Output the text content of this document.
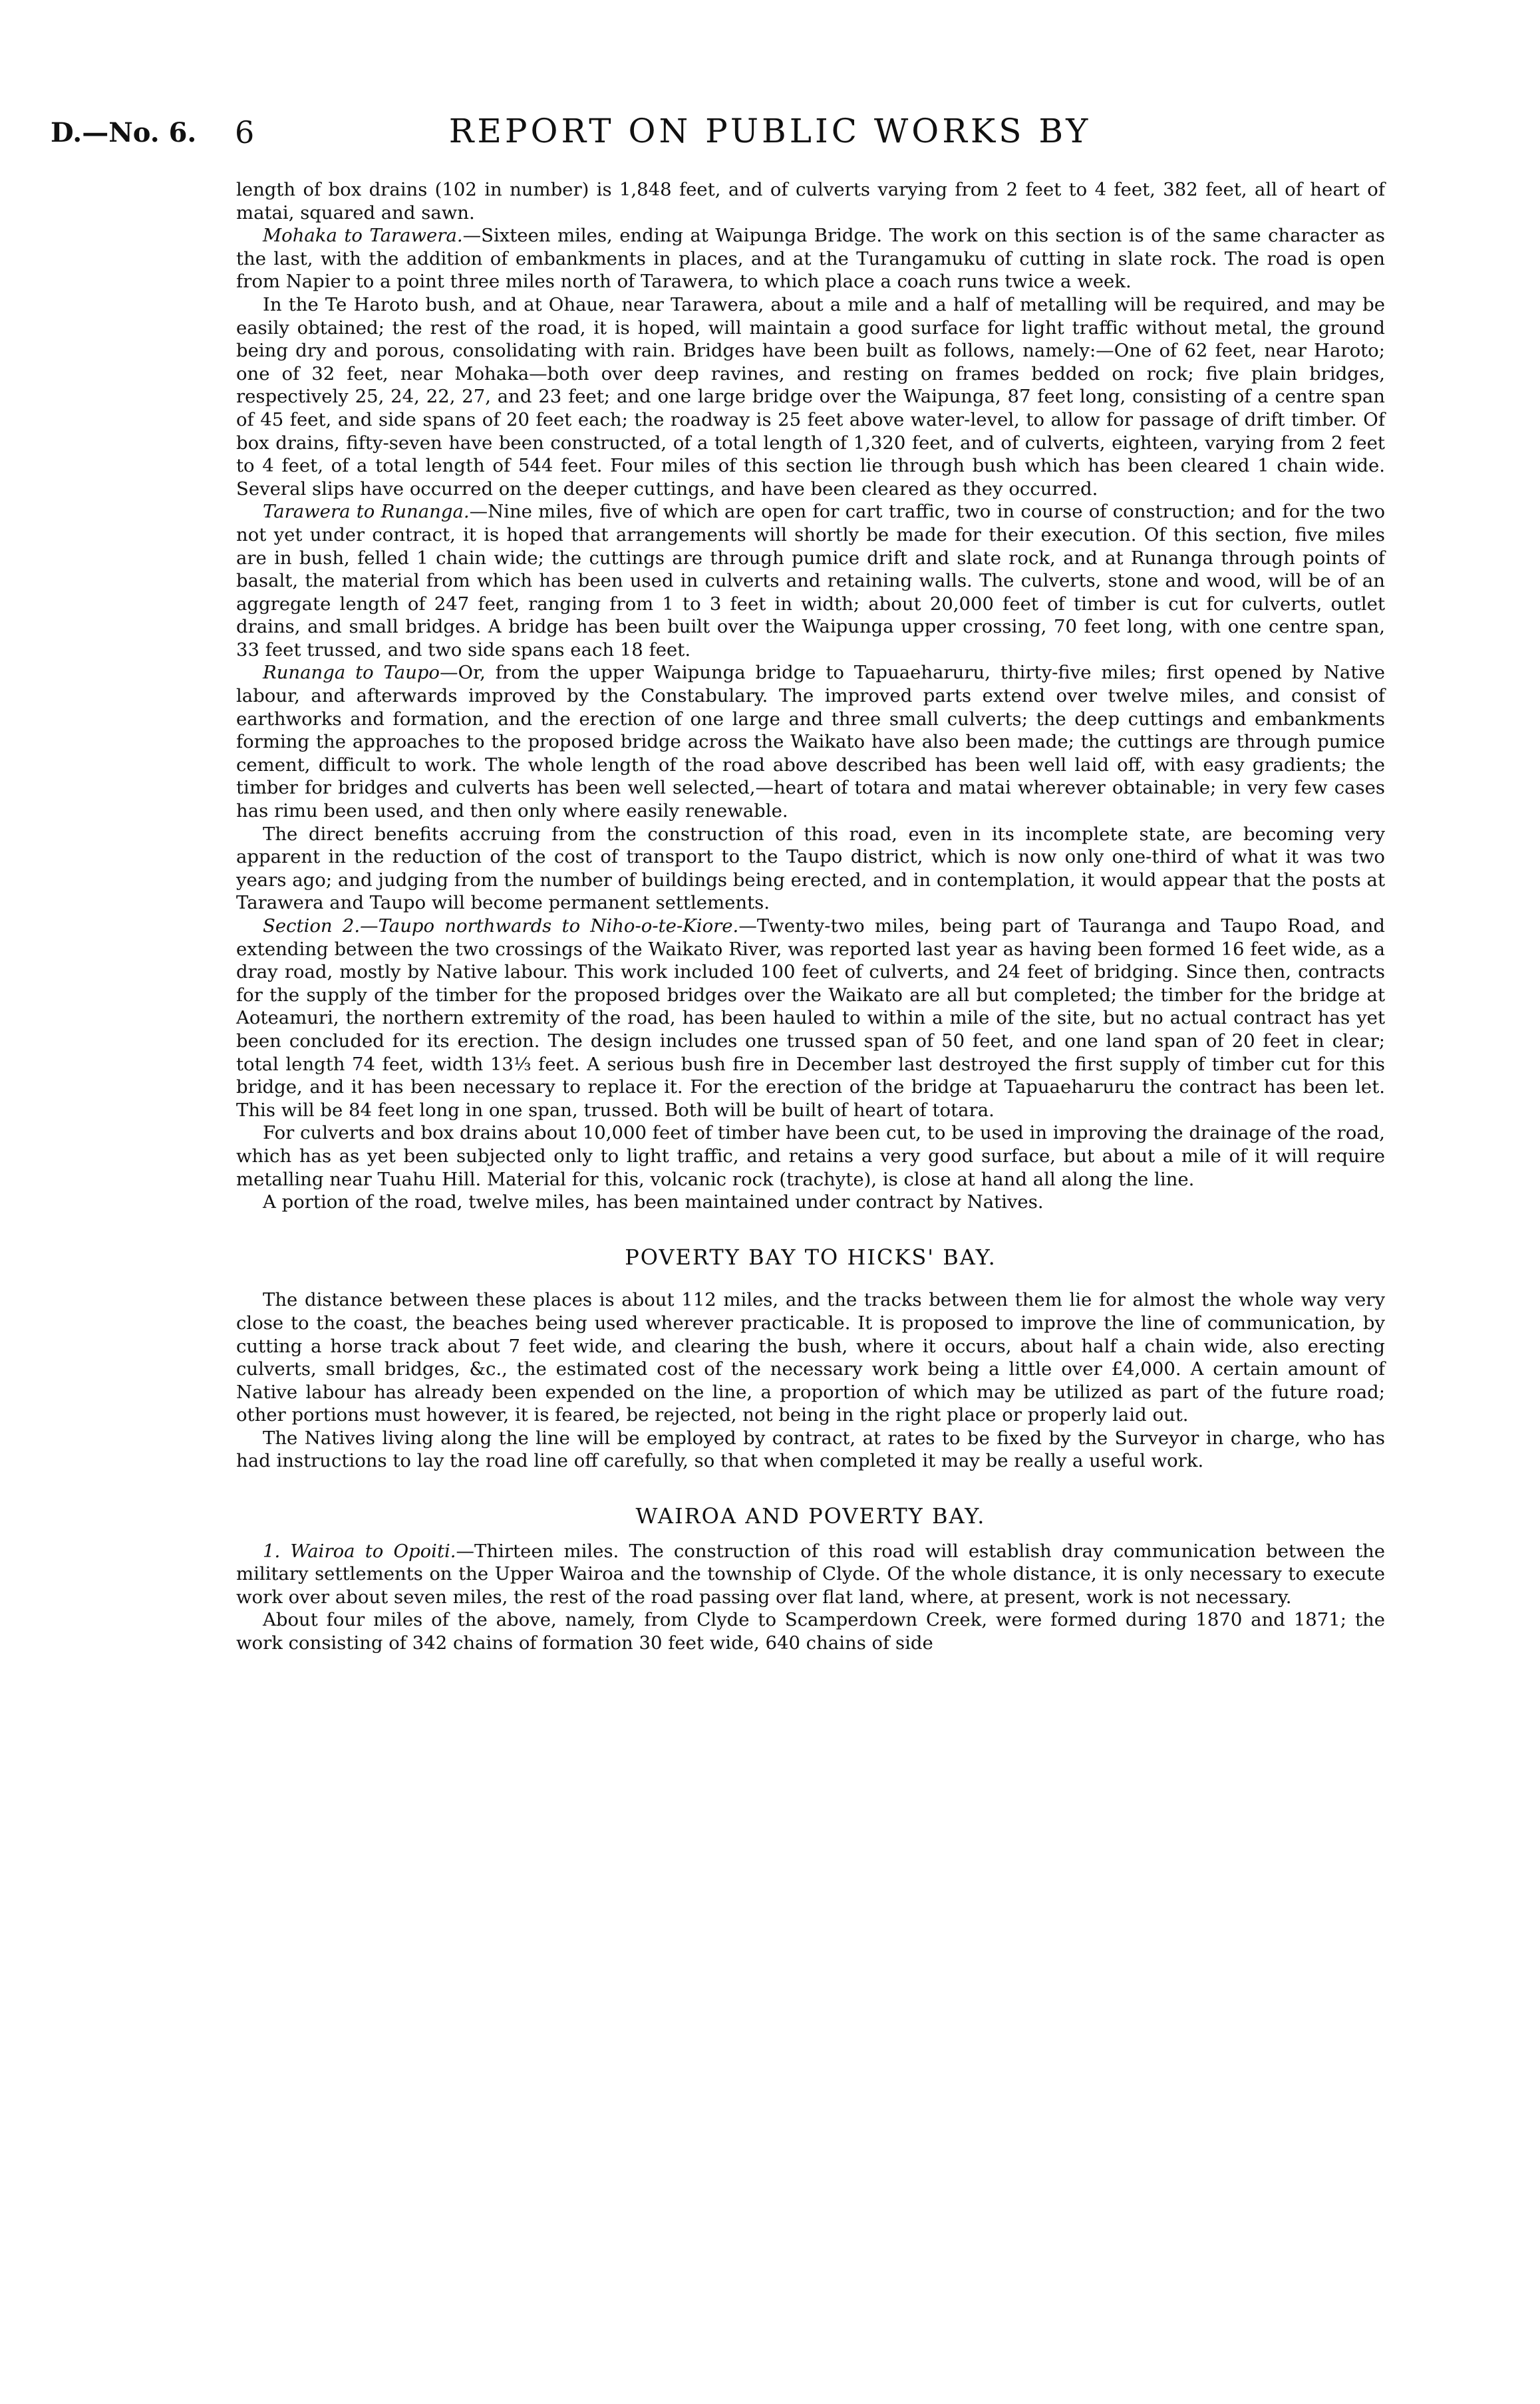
D.—No. 6. 6	REPORT ON PUBLIC WORKS BY

length of box drains (102 in number) is 1,848 feet, and of culverts varying from 2 feet to 4 feet, 382 feet, all of heart of matai, squared and sawn.

Mohaka to Tarawera.—Sixteen miles, ending at Waipunga Bridge. The work on this section is of the same character as the last, with the addition of embankments in places, and at the Turangamuku of cutting in slate rock. The road is open from Napier to a point three miles north of Tarawera, to which place a coach runs twice a week.

In the Te Haroto bush, and at Ohaue, near Tarawera, about a mile and a half of metalling will be required, and may be easily obtained; the rest of the road, it is hoped, will maintain a good surface for light traffic without metal, the ground being dry and porous, consolidating with rain. Bridges have been built as follows, namely:—One of 62 feet, near Haroto; one of 32 feet, near Mohaka—both over deep ravines, and resting on frames bedded on rock; five plain bridges, respectively 25, 24, 22, 27, and 23 feet; and one large bridge over the Waipunga, 87 feet long, consisting of a centre span of 45 feet, and side spans of 20 feet each; the roadway is 25 feet above water-level, to allow for passage of drift timber. Of box drains, fifty-seven have been constructed, of a total length of 1,320 feet, and of culverts, eighteen, varying from 2 feet to 4 feet, of a total length of 544 feet. Four miles of this section lie through bush which has been cleared 1 chain wide. Several slips have occurred on the deeper cuttings, and have been cleared as they occurred.

Tarawera to Runanga.—Nine miles, five of which are open for cart traffic, two in course of construction; and for the two not yet under contract, it is hoped that arrangements will shortly be made for their execution. Of this section, five miles are in bush, felled 1 chain wide; the cuttings are through pumice drift and slate rock, and at Runanga through points of basalt, the material from which has been used in culverts and retaining walls. The culverts, stone and wood, will be of an aggregate length of 247 feet, ranging from 1 to 3 feet in width; about 20,000 feet of timber is cut for culverts, outlet drains, and small bridges. A bridge has been built over the Waipunga upper crossing, 70 feet long, with one centre span, 33 feet trussed, and two side spans each 18 feet.

Runanga to Taupo—Or, from the upper Waipunga bridge to Tapuaeharuru, thirty-five miles; first opened by Native labour, and afterwards improved by the Constabulary. The improved parts extend over twelve miles, and consist of earthworks and formation, and the erection of one large and three small culverts; the deep cuttings and embankments forming the approaches to the proposed bridge across the Waikato have also been made; the cuttings are through pumice cement, difficult to work. The whole length of the road above described has been well laid off, with easy gradients; the timber for bridges and culverts has been well selected,—heart of totara and matai wherever obtainable; in very few cases has rimu been used, and then only where easily renewable.

The direct benefits accruing from the construction of this road, even in its incomplete state, are becoming very apparent in the reduction of the cost of transport to the Taupo district, which is now only one-third of what it was two years ago; and judging from the number of buildings being erected, and in contemplation, it would appear that the posts at Tarawera and Taupo will become permanent settlements.

Section 2.—Taupo northwards to Niho-o-te-Kiore.—Twenty-two miles, being part of Tauranga and Taupo Road, and extending between the two crossings of the Waikato River, was reported last year as having been formed 16 feet wide, as a dray road, mostly by Native labour. This work included 100 feet of culverts, and 24 feet of bridging. Since then, contracts for the supply of the timber for the proposed bridges over the Waikato are all but completed; the timber for the bridge at Aoteamuri, the northern extremity of the road, has been hauled to within a mile of the site, but no actual contract has yet been concluded for its erection. The design includes one trussed span of 50 feet, and one land span of 20 feet in clear; total length 74 feet, width 13⅓ feet. A serious bush fire in December last destroyed the first supply of timber cut for this bridge, and it has been necessary to replace it. For the erection of the bridge at Tapuaeharuru the contract has been let. This will be 84 feet long in one span, trussed. Both will be built of heart of totara.

For culverts and box drains about 10,000 feet of timber have been cut, to be used in improving the drainage of the road, which has as yet been subjected only to light traffic, and retains a very good surface, but about a mile of it will require metalling near Tuahu Hill. Material for this, volcanic rock (trachyte), is close at hand all along the line.

A portion of the road, twelve miles, has been maintained under contract by Natives.

POVERTY BAY TO HICKS' BAY.

The distance between these places is about 112 miles, and the tracks between them lie for almost the whole way very close to the coast, the beaches being used wherever practicable. It is proposed to improve the line of communication, by cutting a horse track about 7 feet wide, and clearing the bush, where it occurs, about half a chain wide, also erecting culverts, small bridges, &c., the estimated cost of the necessary work being a little over £4,000. A certain amount of Native labour has already been expended on the line, a proportion of which may be utilized as part of the future road; other portions must however, it is feared, be rejected, not being in the right place or properly laid out.

The Natives living along the line will be employed by contract, at rates to be fixed by the Surveyor in charge, who has had instructions to lay the road line off carefully, so that when completed it may be really a useful work.

WAIROA AND POVERTY BAY.

1. Wairoa to Opoiti.—Thirteen miles. The construction of this road will establish dray communication between the military settlements on the Upper Wairoa and the township of Clyde. Of the whole distance, it is only necessary to execute work over about seven miles, the rest of the road passing over flat land, where, at present, work is not necessary.

About four miles of the above, namely, from Clyde to Scamperdown Creek, were formed during 1870 and 1871; the work consisting of 342 chains of formation 30 feet wide, 640 chains of side
